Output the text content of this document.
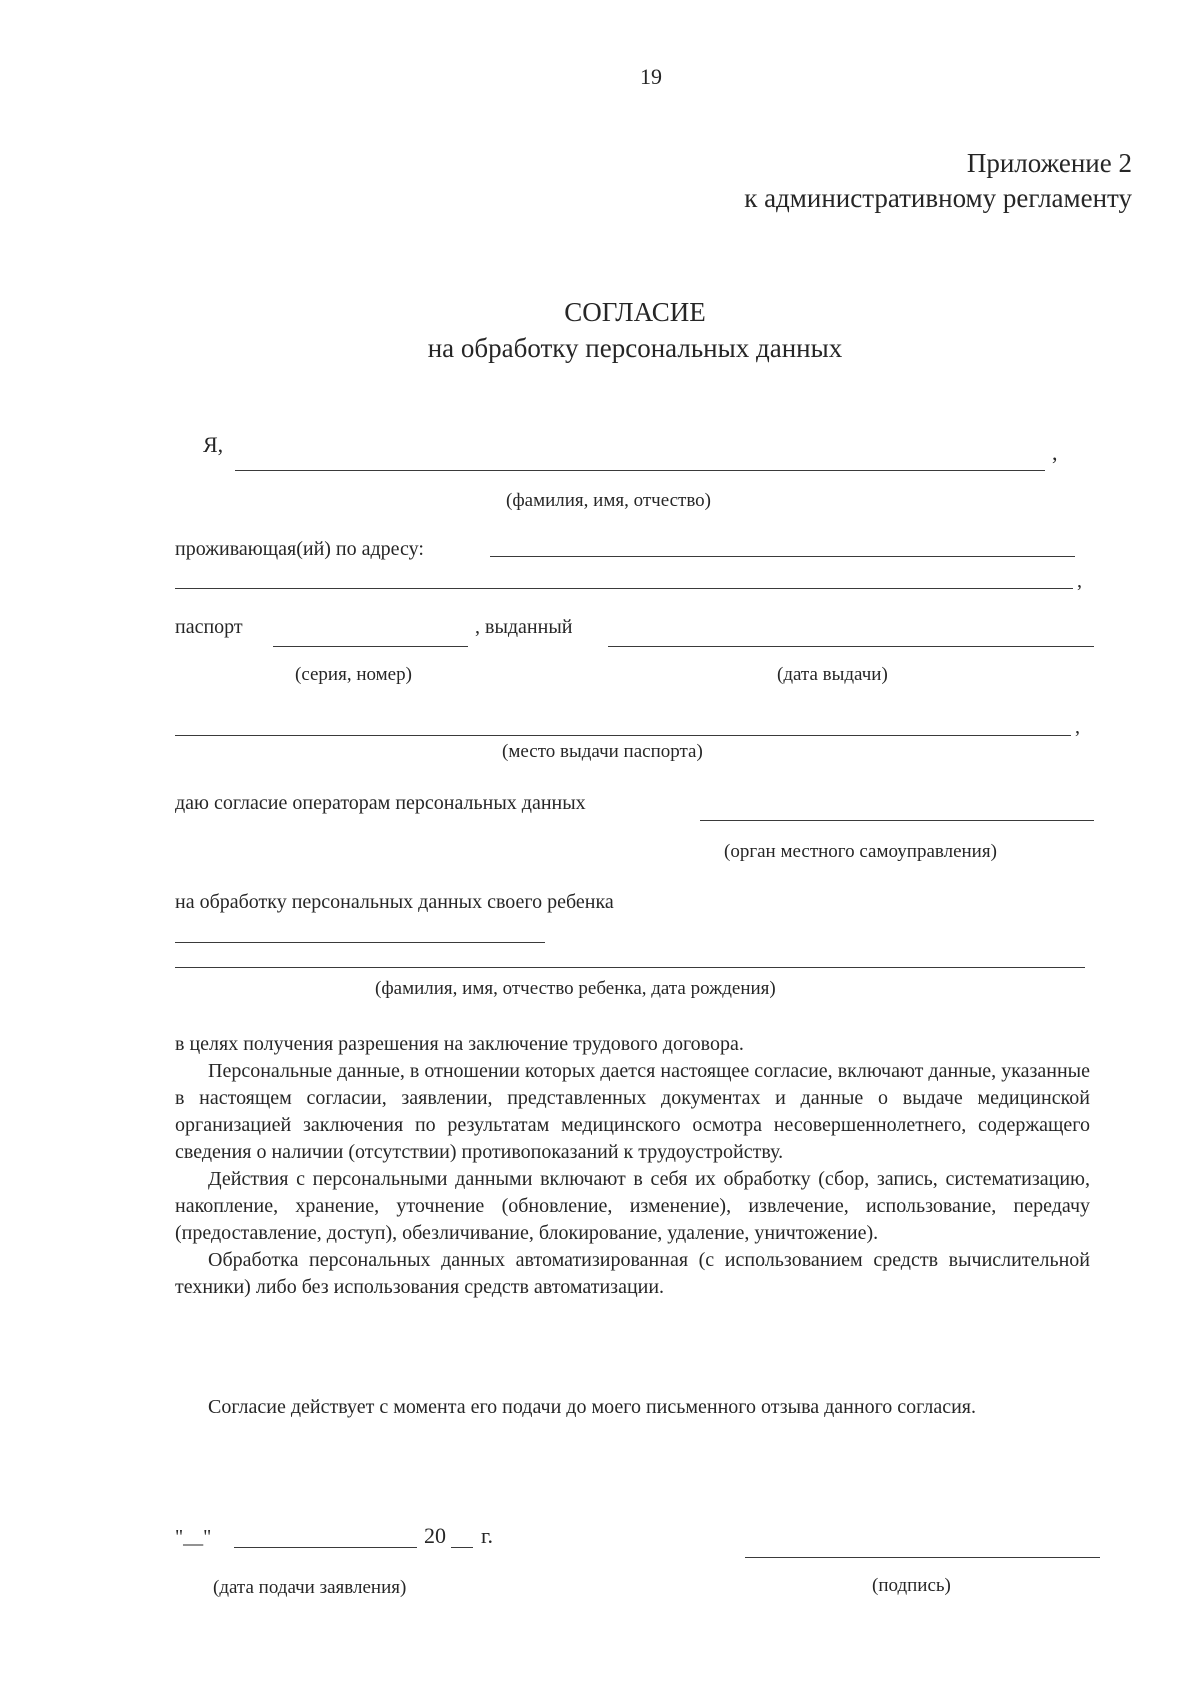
19
Приложение 2
к административному регламенту
СОГЛАСИЕ
на обработку персональных данных
Я,	,
(фамилия, имя, отчество)
проживающая(ий) по адресу:
,
паспорт	, выданный
(серия, номер)	(дата выдачи)
,
(место выдачи паспорта)
даю согласие операторам персональных данных
(орган местного самоуправления)
на обработку персональных данных своего ребенка
(фамилия, имя, отчество ребенка, дата рождения)

в целях получения разрешения на заключение трудового договора.

Персональные данные, в отношении которых дается настоящее согласие, включают данные, указанные в настоящем согласии, заявлении, представленных документах и данные о выдаче медицинской организацией заключения по результатам медицинского осмотра несовершеннолетнего, содержащего сведения о наличии (отсутствии) противопоказаний к трудоустройству.

Действия с персональными данными включают в себя их обработку (сбор, запись, систематизацию, накопление, хранение, уточнение (обновление, изменение), извлечение, использование, передачу (предоставление, доступ), обезличивание, блокирование, удаление, уничтожение).

Обработка персональных данных автоматизированная (с использованием средств вычислительной техники) либо без использования средств автоматизации.

Согласие действует с момента его подачи до моего письменного отзыва данного согласия.
"__"	20 г.
(дата подачи заявления)	(подпись)
